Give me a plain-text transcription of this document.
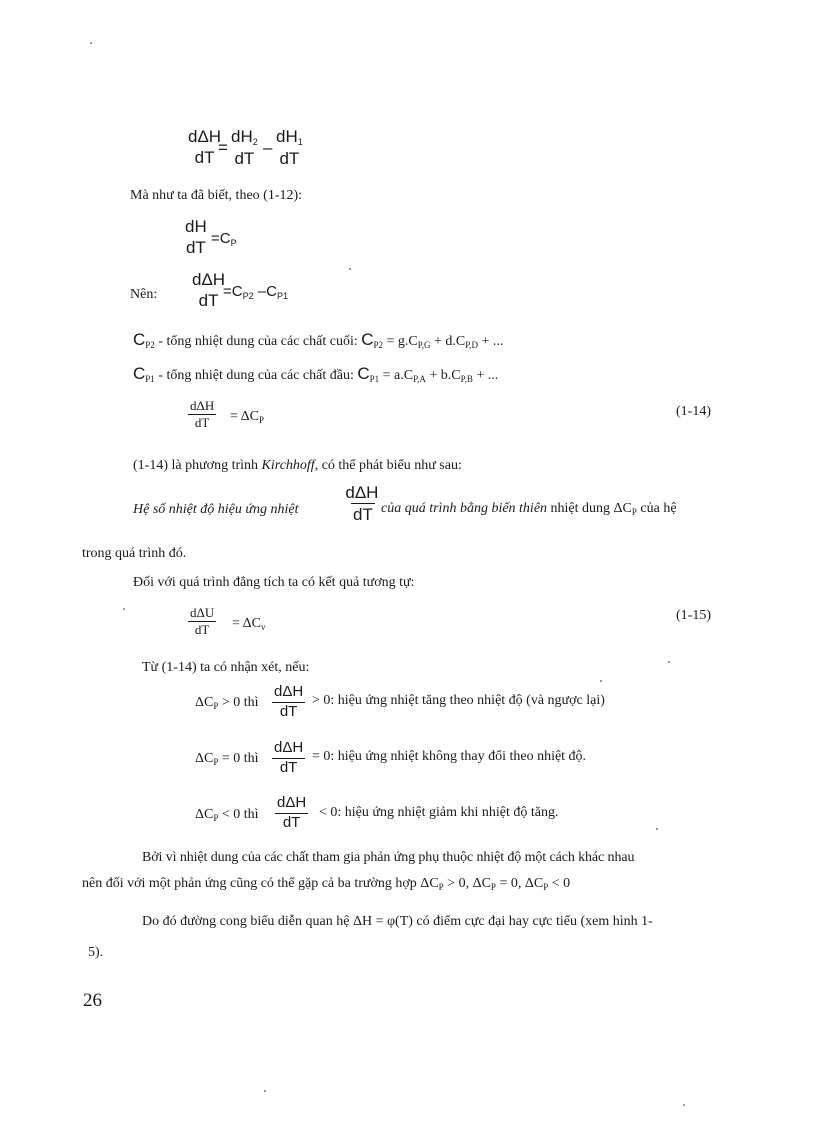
dΔH
dT
=
$dH_2$
dT
–
$dH_1$
dT
Mà như ta đã biết, theo (1-12):
dH
dT $=C_P$
Nên:
dΔH
dT $=C_{P2}$ $-C_{P1}$
$C_{P2}$ - tổng nhiệt dung của các chất cuối: $C_{P2} = g.C_{P,G} + d.C_{P,D}$ + ...
$C_{P1}$ - tổng nhiệt dung của các chất đầu: $C_{P1} = a.C_{P,A} + b.C_{P,B}$ + ...
dΔH
dT	= $\Delta C_P$
(1-14)
(1-14) là phương trình Kirchhoff, có thể phát biểu như sau:
Hệ số nhiệt độ hiệu ứng nhiệt
dΔH
dT của quá trình bằng biến thiên nhiệt dung $\Delta C_P$ của hệ
trong quá trình đó.
Đối với quá trình đẳng tích ta có kết quả tương tự:
dΔU
dT	= $\Delta C_v$
(1-15)
Từ (1-14) ta có nhận xét, nếu:
$\Delta C_P > 0$ thì
dΔH
dT
> 0: hiệu ứng nhiệt tăng theo nhiệt độ (và ngược lại)
$\Delta C_P = 0$ thì
dΔH
dT
= 0: hiệu ứng nhiệt không thay đổi theo nhiệt độ.
$\Delta C_P < 0$ thì
dΔH
dT
< 0: hiệu ứng nhiệt giảm khi nhiệt độ tăng.
Bởi vì nhiệt dung của các chất tham gia phản ứng phụ thuộc nhiệt độ một cách khác nhau
nên đối với một phản ứng cũng có thể gặp cả ba trường hợp $\Delta C_P > 0$, $\Delta C_P = 0$, $\Delta C_P < 0$
Do đó đường cong biểu diễn quan hệ ΔH = φ(T) có điểm cực đại hay cực tiểu (xem hình 1-
5).
26
